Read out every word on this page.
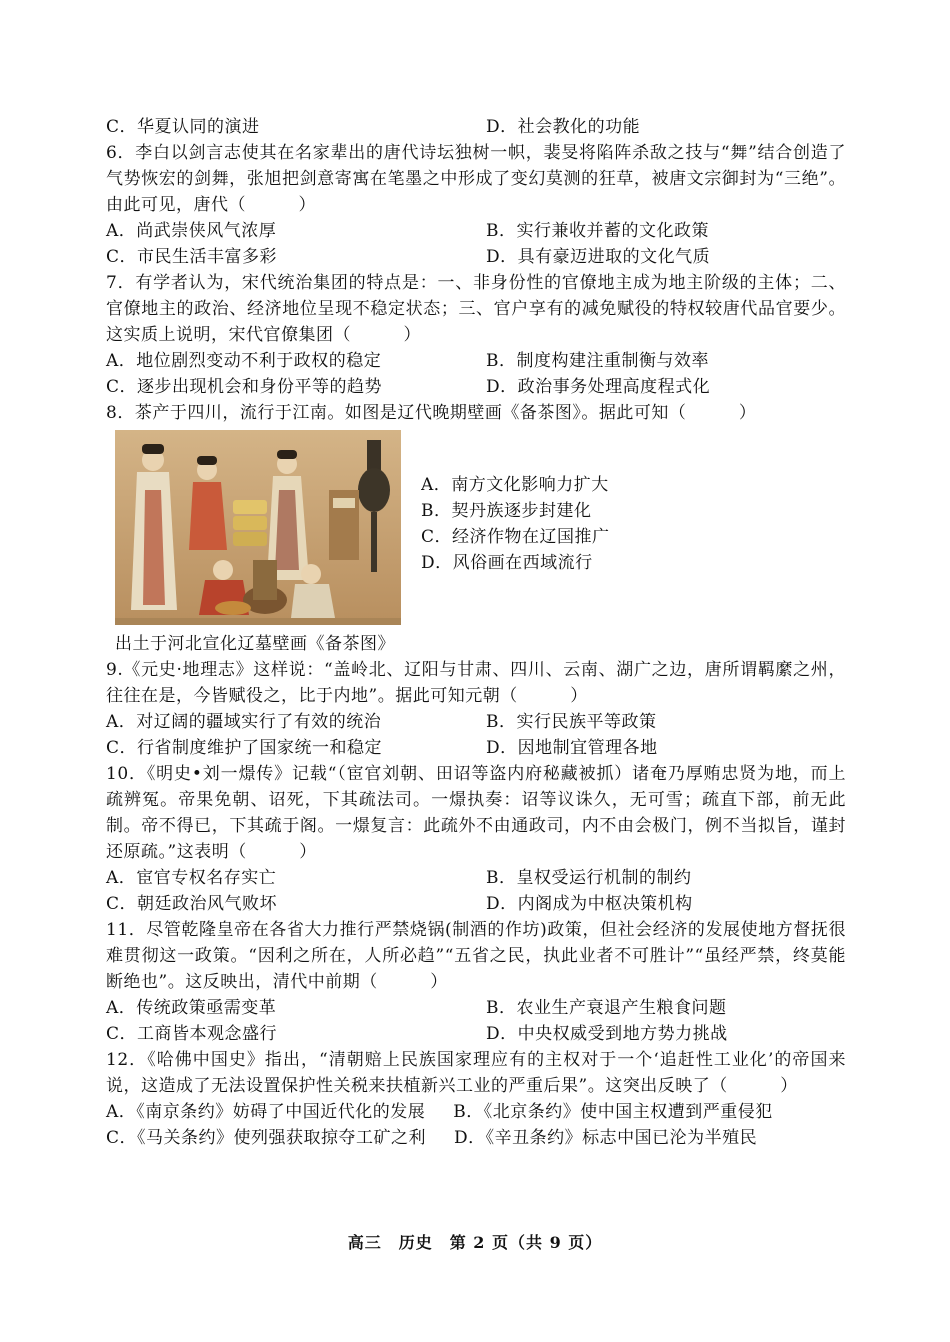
C．华夏认同的演进	D．社会教化的功能
6．李白以剑言志使其在名家辈出的唐代诗坛独树一帜，裴旻将陷阵杀敌之技与“舞”结合创造了气势恢宏的剑舞，张旭把剑意寄寓在笔墨之中形成了变幻莫测的狂草，被唐文宗御封为“三绝”。由此可见，唐代（　　　）
A．尚武崇侠风气浓厚	B．实行兼收并蓄的文化政策
C．市民生活丰富多彩	D．具有豪迈进取的文化气质
7．有学者认为，宋代统治集团的特点是：一、非身份性的官僚地主成为地主阶级的主体；二、官僚地主的政治、经济地位呈现不稳定状态；三、官户享有的减免赋役的特权较唐代品官要少。这实质上说明，宋代官僚集团（　　　）
A．地位剧烈变动不利于政权的稳定	B．制度构建注重制衡与效率
C．逐步出现机会和身份平等的趋势	D．政治事务处理高度程式化
8．茶产于四川，流行于江南。如图是辽代晚期壁画《备茶图》。据此可知（　　　）
A．南方文化影响力扩大
B．契丹族逐步封建化
C．经济作物在辽国推广
D．风俗画在西域流行
出土于河北宣化辽墓壁画《备茶图》
9.《元史·地理志》这样说：“盖岭北、辽阳与甘肃、四川、云南、湖广之边，唐所谓羁縻之州，往往在是，今皆赋役之，比于内地”。据此可知元朝（　　　）
A．对辽阔的疆域实行了有效的统治	B．实行民族平等政策
C．行省制度维护了国家统一和稳定	D．因地制宜管理各地
10．《明史•刘一燝传》记载“（宦官刘朝、田诏等盗内府秘藏被抓）诸奄乃厚贿忠贤为地，而上疏辨冤。帝果免朝、诏死，下其疏法司。一燝执奏：诏等议诛久，无可雪；疏直下部，前无此制。帝不得已，下其疏于阁。一燝复言：此疏外不由通政司，内不由会极门，例不当拟旨，谨封还原疏。”这表明（　　　）
A．宦官专权名存实亡	B．皇权受运行机制的制约
C．朝廷政治风气败坏	D．内阁成为中枢决策机构
11．尽管乾隆皇帝在各省大力推行严禁烧锅(制酒的作坊)政策，但社会经济的发展使地方督抚很难贯彻这一政策。“因利之所在，人所必趋”“五省之民，执此业者不可胜计”“虽经严禁，终莫能断绝也”。这反映出，清代中前期（　　　）
A．传统政策亟需变革	B．农业生产衰退产生粮食问题
C．工商皆本观念盛行	D．中央权威受到地方势力挑战
12．《哈佛中国史》指出，“清朝赔上民族国家理应有的主权对于一个‘追赶性工业化’的帝国来说，这造成了无法设置保护性关税来扶植新兴工业的严重后果”。这突出反映了（　　　）
A．《南京条约》妨碍了中国近代化的发展 B．《北京条约》使中国主权遭到严重侵犯
C．《马关条约》使列强获取掠夺工矿之利 D．《辛丑条约》标志中国已沦为半殖民
高三　历史　第 2 页（共 9 页）
